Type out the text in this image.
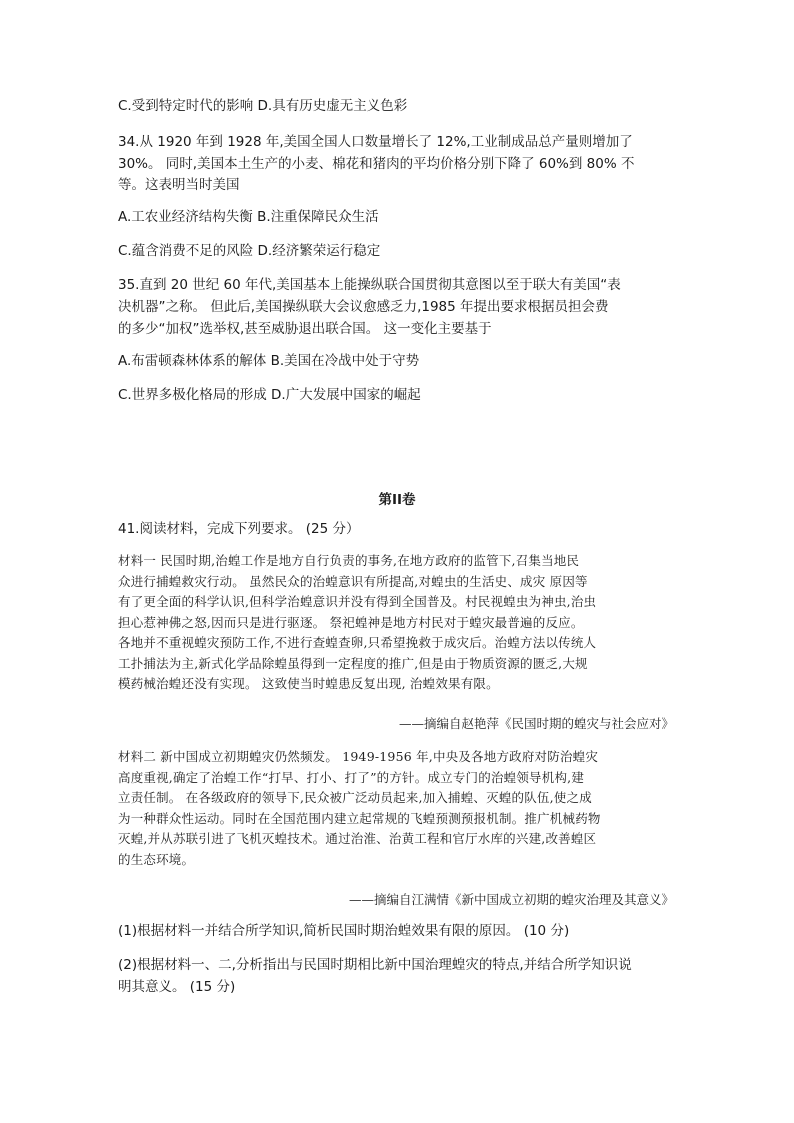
C.受到特定时代的影响 D.具有历史虚无主义色彩
34.从 1920 年到 1928 年,美国全国人口数量增长了 12%,工业制成品总产量则增加了
30%。 同时,美国本土生产的小麦、棉花和猪肉的平均价格分别下降了 60%到 80% 不
等。这表明当时美国
A.工农业经济结构失衡 B.注重保障民众生活
C.蕴含消费不足的风险 D.经济繁荣运行稳定
35.直到 20 世纪 60 年代,美国基本上能操纵联合国贯彻其意图以至于联大有美国“表
决机器”之称。 但此后,美国操纵联大会议愈感乏力,1985 年提出要求根据员担会费
的多少“加权”选举权,甚至威胁退出联合国。 这一变化主要基于
A.布雷顿森林体系的解体 B.美国在冷战中处于守势
C.世界多极化格局的形成 D.广大发展中国家的崛起
第II卷
41.阅读材料，完成下列要求。 (25 分）
材料一 民国时期,治蝗工作是地方自行负责的事务,在地方政府的监管下,召集当地民
众进行捕蝗救灾行动。 虽然民众的治蝗意识有所提高,对蝗虫的生活史、成灾 原因等
有了更全面的科学认识,但科学治蝗意识并没有得到全国普及。村民视蝗虫为神虫,治虫
担心惹神佛之怒,因而只是进行驱逐。 祭祀蝗神是地方村民对于蝗灾最普遍的反应。
各地并不重视蝗灾预防工作,不进行查蝗查卵,只希望挽救于成灾后。治蝗方法以传统人
工扑捕法为主,新式化学品除蝗虽得到一定程度的推广,但是由于物质资源的匮乏,大规
模药械治蝗还没有实现。 这致使当时蝗患反复出现, 治蝗效果有限。
——摘编自赵艳萍《民国时期的蝗灾与社会应对》
材料二 新中国成立初期蝗灾仍然频发。 1949-1956 年,中央及各地方政府对防治蝗灾
高度重视,确定了治蝗工作“打早、打小、打了”的方针。成立专门的治蝗领导机构,建
立责任制。 在各级政府的领导下,民众被广泛动员起来,加入捕蝗、灭蝗的队伍,使之成
为一种群众性运动。同时在全国范围内建立起常规的飞蝗预测预报机制。推广机械药物
灭蝗,并从苏联引进了飞机灭蝗技术。通过治淮、治黄工程和官厅水库的兴建,改善蝗区
的生态环境。
——摘编自江满情《新中国成立初期的蝗灾治理及其意义》
(1)根据材料一并结合所学知识,简析民国时期治蝗效果有限的原因。 (10 分)
(2)根据材料一、二,分析指出与民国时期相比新中国治理蝗灾的特点,并结合所学知识说
明其意义。 (15 分)
